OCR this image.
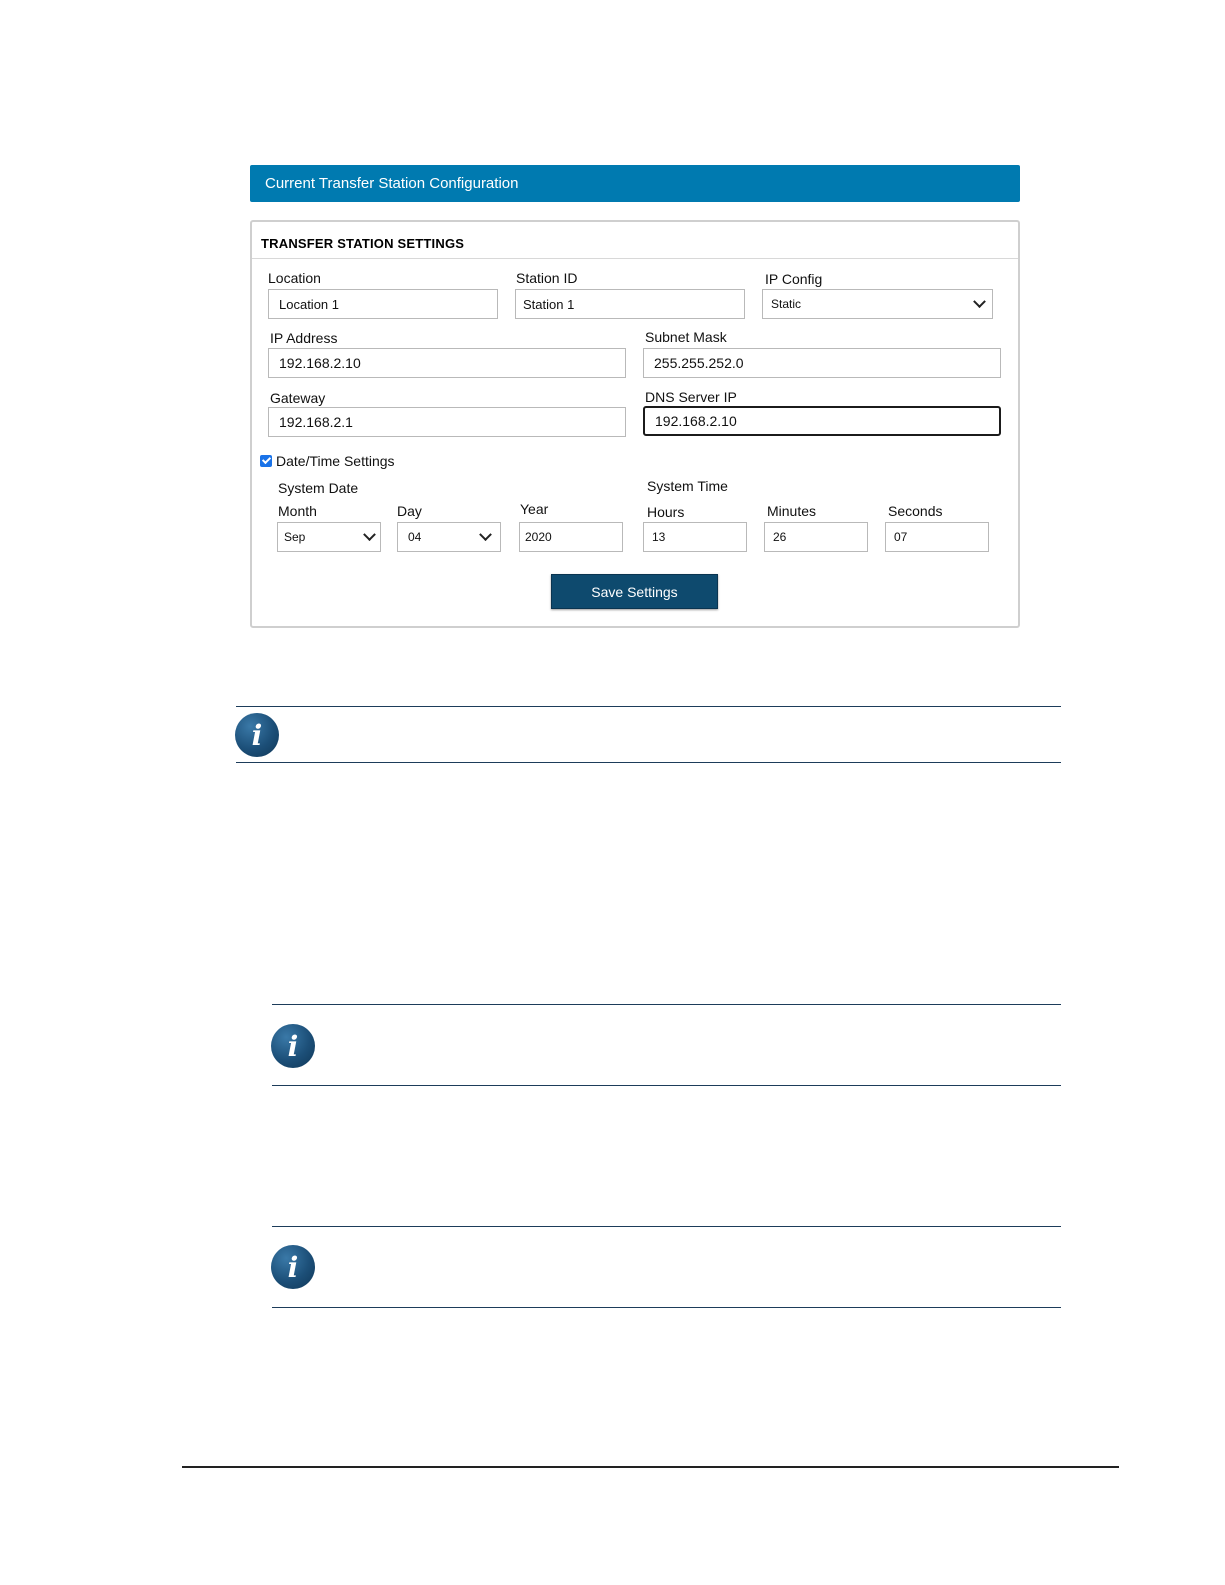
Current Transfer Station Configuration
TRANSFER STATION SETTINGS
Location
Location 1
Station ID
Station 1
IP Config
Static
IP Address
192.168.2.10
Subnet Mask
255.255.252.0
Gateway
192.168.2.1
DNS Server IP
192.168.2.10
Date/Time Settings
System Date	System Time
Month
Sep
Day
04
Year
2020
Hours
13
Minutes
26
Seconds
07
Save Settings
i
i
i
